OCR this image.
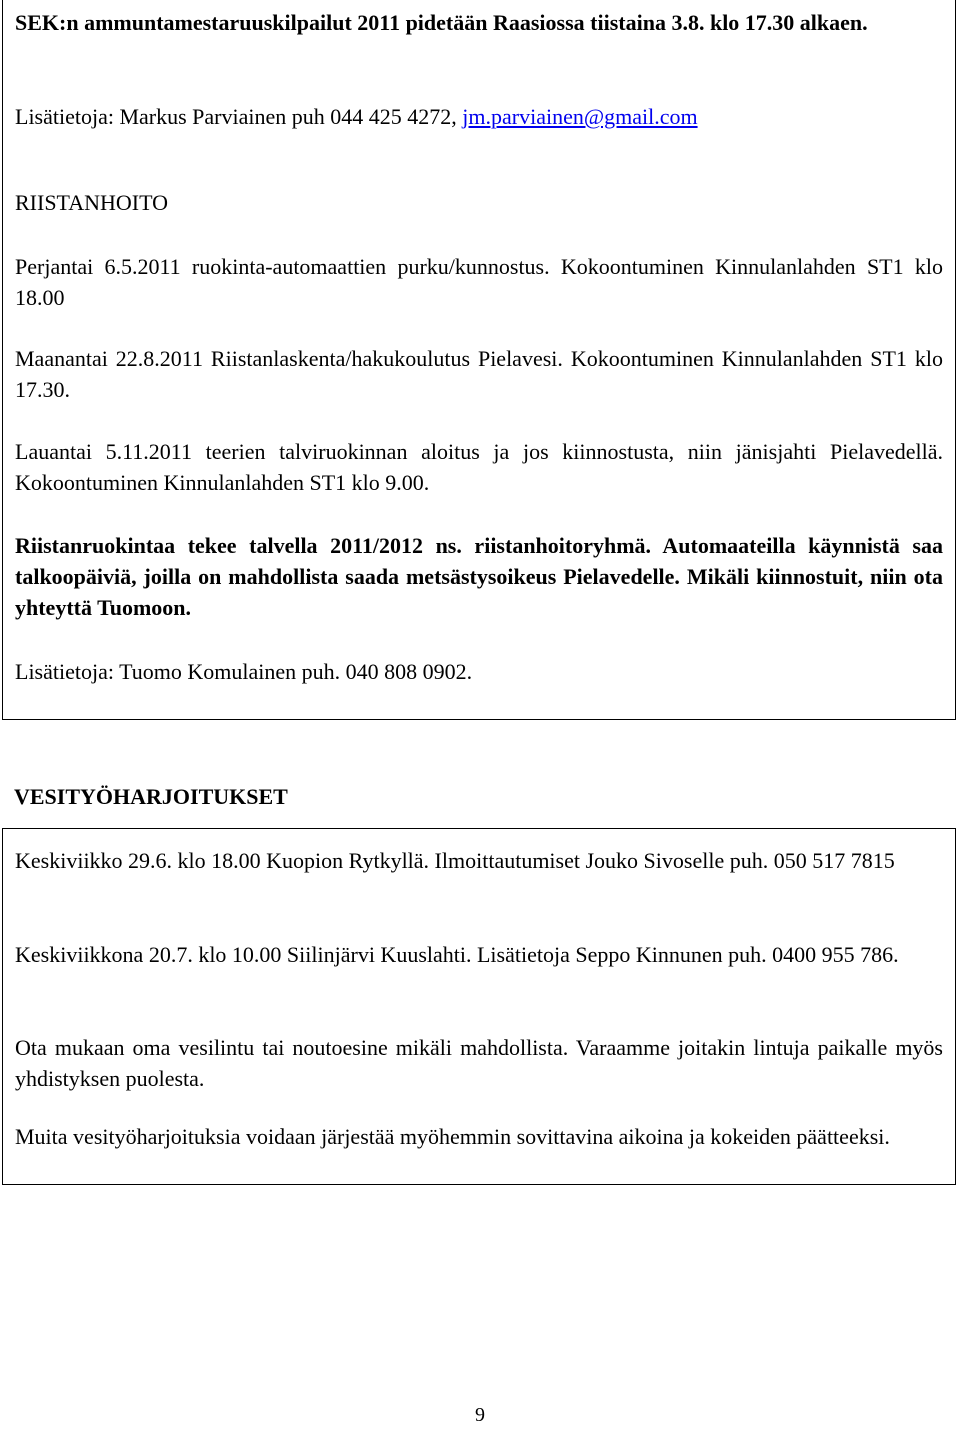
SEK:n ammuntamestaruuskilpailut 2011 pidetään Raasiossa tiistaina 3.8. klo 17.30 alkaen.

Lisätietoja: Markus Parviainen puh 044 425 4272, jm.parviainen@gmail.com

RIISTANHOITO

Perjantai 6.5.2011 ruokinta-automaattien purku/kunnostus. Kokoontuminen Kinnulanlahden ST1 klo 18.00

Maanantai 22.8.2011 Riistanlaskenta/hakukoulutus Pielavesi. Kokoontuminen Kinnulanlahden ST1 klo 17.30.

Lauantai 5.11.2011 teerien talviruokinnan aloitus ja jos kiinnostusta, niin jänisjahti Pielavedellä. Kokoontuminen Kinnulanlahden ST1 klo 9.00.

Riistanruokintaa tekee talvella 2011/2012 ns. riistanhoitoryhmä. Automaateilla käynnistä saa talkoopäiviä, joilla on mahdollista saada metsästysoikeus Pielavedelle. Mikäli kiinnostuit, niin ota yhteyttä Tuomoon.

Lisätietoja: Tuomo Komulainen puh. 040 808 0902.

VESITYÖHARJOITUKSET

Keskiviikko 29.6. klo 18.00 Kuopion Rytkyllä. Ilmoittautumiset Jouko Sivoselle puh. 050 517 7815

Keskiviikkona 20.7. klo 10.00 Siilinjärvi Kuuslahti. Lisätietoja Seppo Kinnunen puh. 0400 955 786.

Ota mukaan oma vesilintu tai noutoesine mikäli mahdollista. Varaamme joitakin lintuja paikalle myös yhdistyksen puolesta.

Muita vesityöharjoituksia voidaan järjestää myöhemmin sovittavina aikoina ja kokeiden päätteeksi.

9
